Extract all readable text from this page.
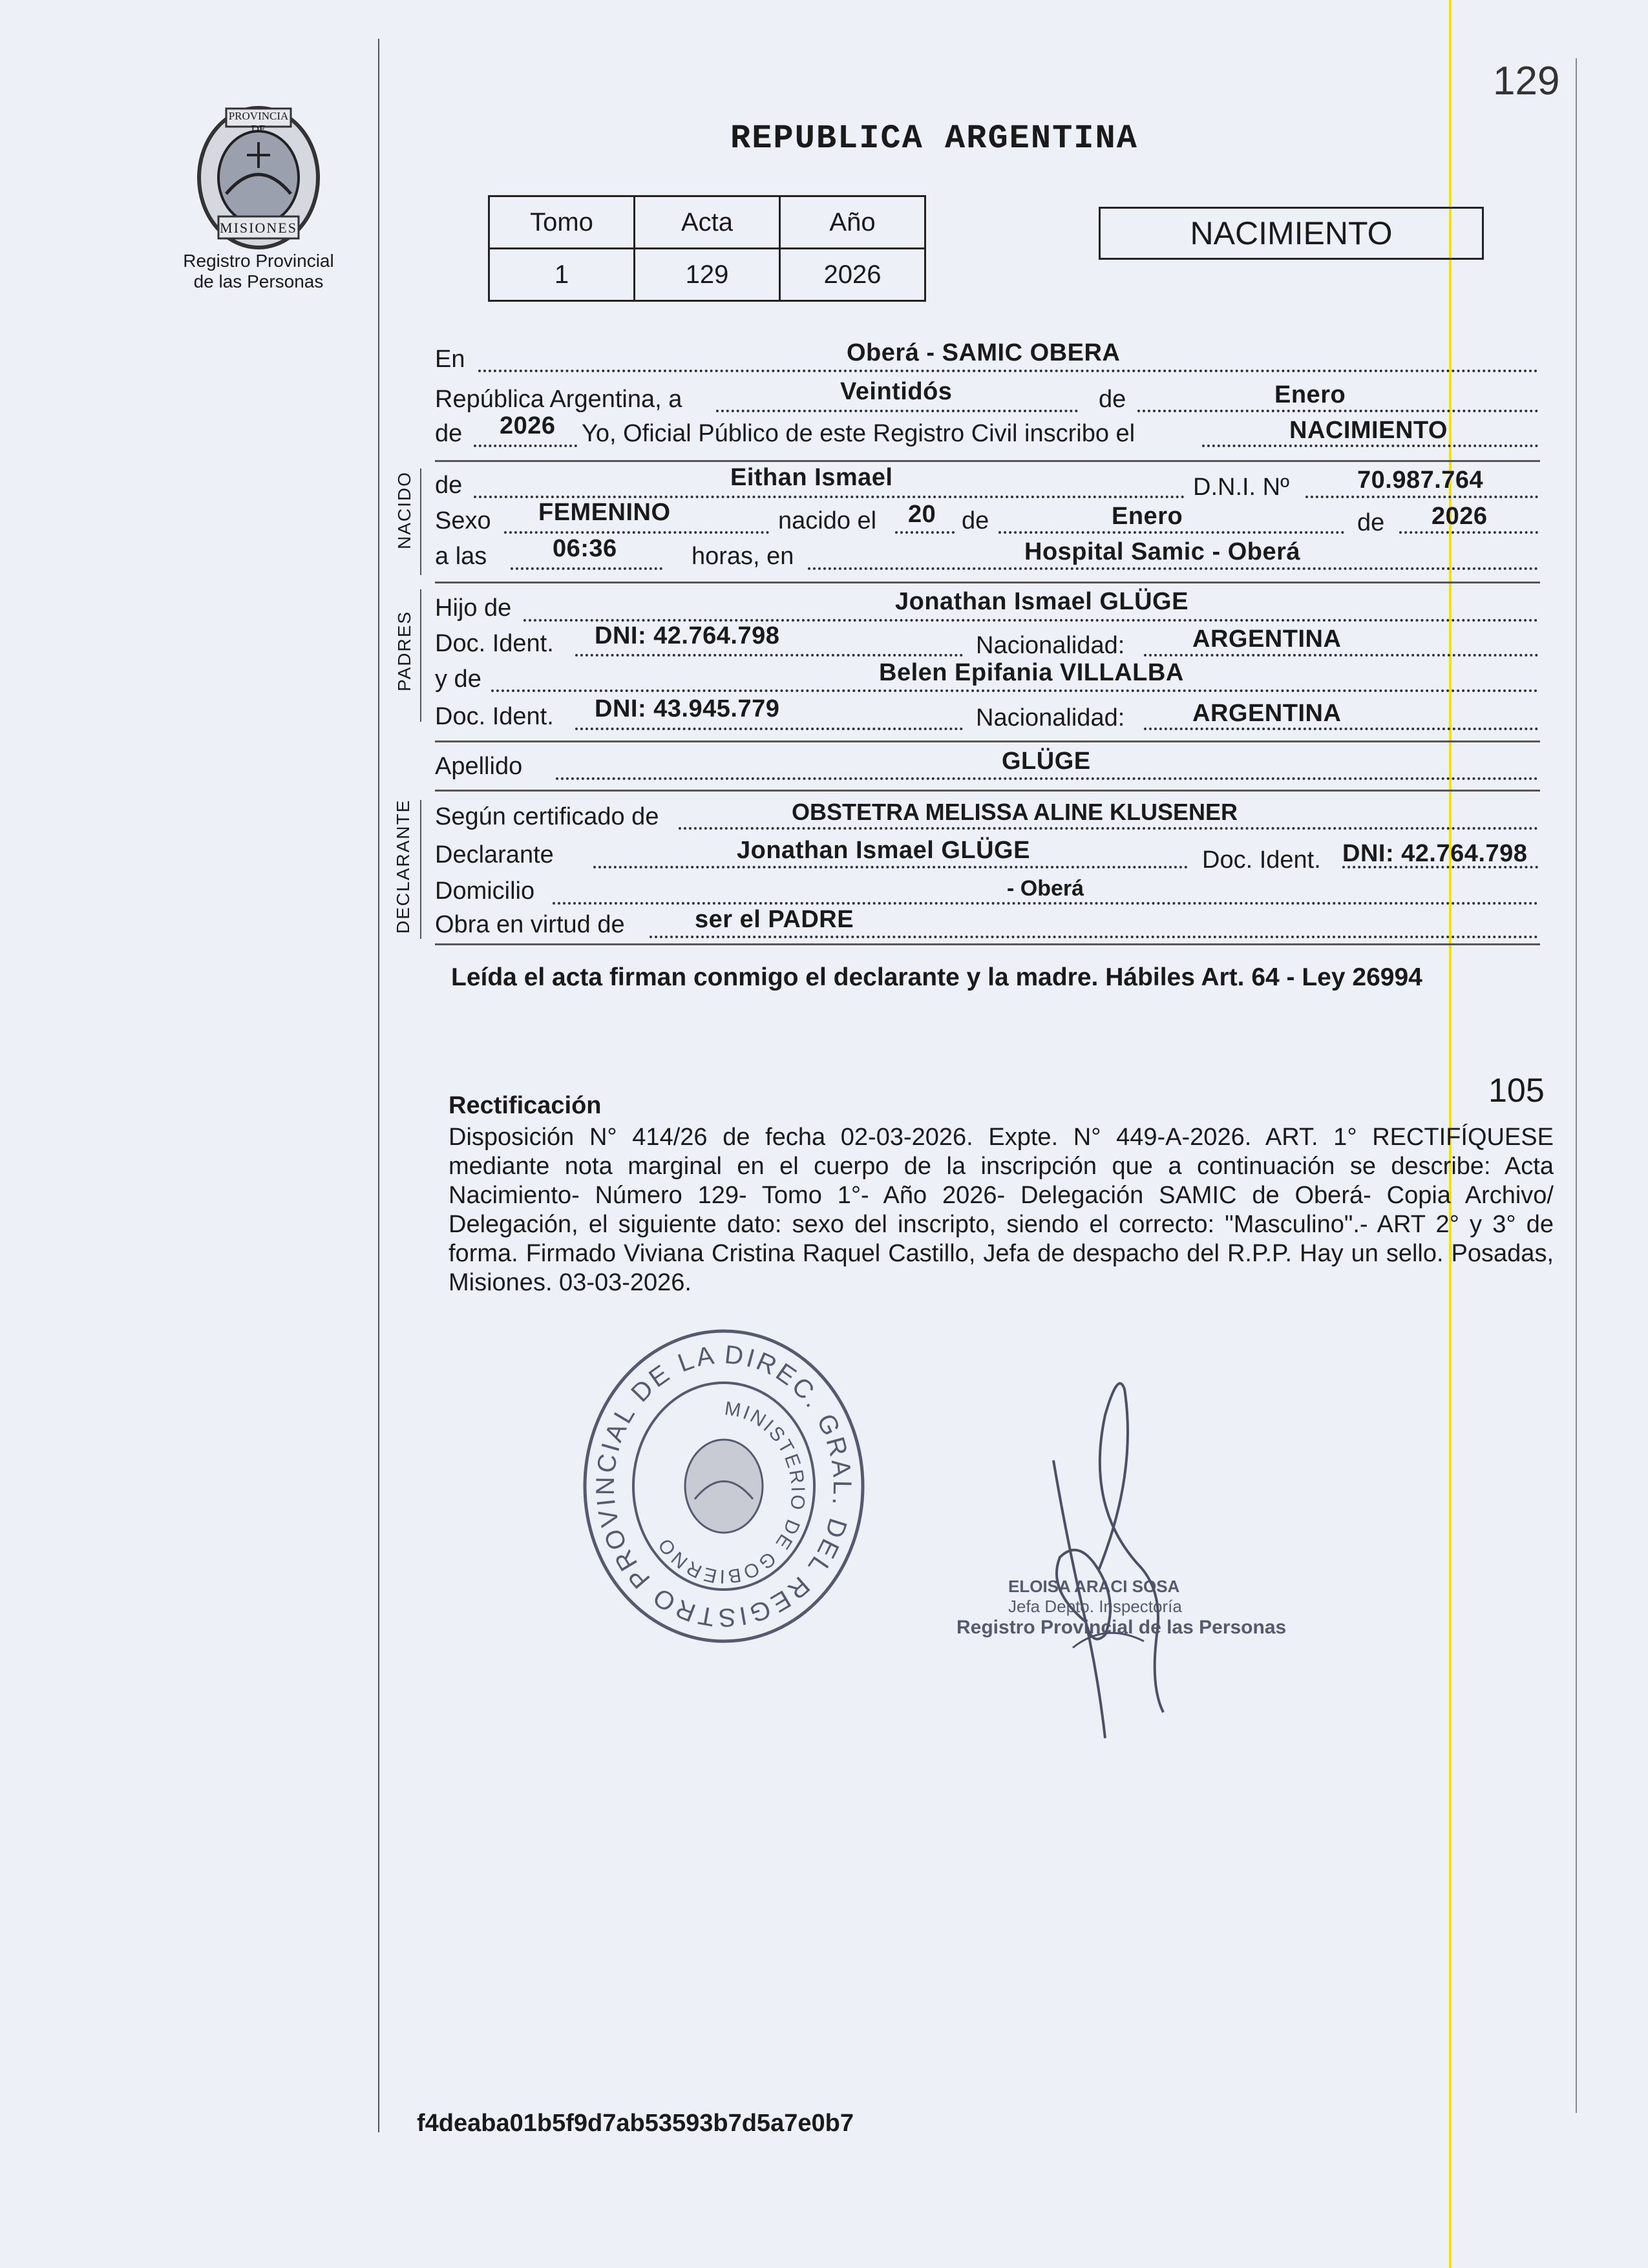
129
PROVINCIA DE
MISIONES
Registro Provincial
de las Personas
REPUBLICA ARGENTINA
Tomo	Acta	Año
1	129	2026
NACIMIENTO
En	Oberá - SAMIC OBERA
República Argentina, a	Veintidós	de	Enero
de 2026 Yo, Oficial Público de este Registro Civil inscribo el	NACIMIENTO
NACIDO de	Eithan Ismael	D.N.I. Nº	70.987.764
Sexo FEMENINO	nacido el 20 de	Enero	de 2026
a las	06:36	horas, en	Hospital Samic - Oberá
PADRES
Hijo de	Jonathan Ismael GLÜGE
Doc. Ident. DNI: 42.764.798	Nacionalidad:	ARGENTINA
y de	Belen Epifania VILLALBA
Doc. Ident. DNI: 43.945.779	Nacionalidad:	ARGENTINA
Apellido	GLÜGE
DECLARANTE Según certificado de	OBSTETRA MELISSA ALINE KLUSENER
Declarante	Jonathan Ismael GLÜGE	Doc. Ident. DNI: 42.764.798
Domicilio	- Oberá
Obra en virtud de	ser el PADRE
Leída el acta firman conmigo el declarante y la madre. Hábiles Art. 64 - Ley 26994
105
Rectificación
Disposición N° 414/26 de fecha 02-03-2026. Expte. N° 449-A-2026. ART. 1° RECTIFÍQUESE mediante nota marginal en el cuerpo de la inscripción que a continuación se describe: Acta Nacimiento- Número 129- Tomo 1°- Año 2026- Delegación SAMIC de Oberá- Copia Archivo/ Delegación, el siguiente dato: sexo del inscripto, siendo el correcto: "Masculino".- ART 2° y 3° de forma. Firmado Viviana Cristina Raquel Castillo, Jefa de despacho del R.P.P. Hay un sello. Posadas, Misiones. 03-03-2026.
DIREC. GRAL. DEL REGISTRO PROVINCIAL DE LA
MINISTERIO DE GOBIERNO
ELOISA ARACI SOSA
Jefa Depto. Inspectoría
Registro Provincial de las Personas
f4deaba01b5f9d7ab53593b7d5a7e0b7
